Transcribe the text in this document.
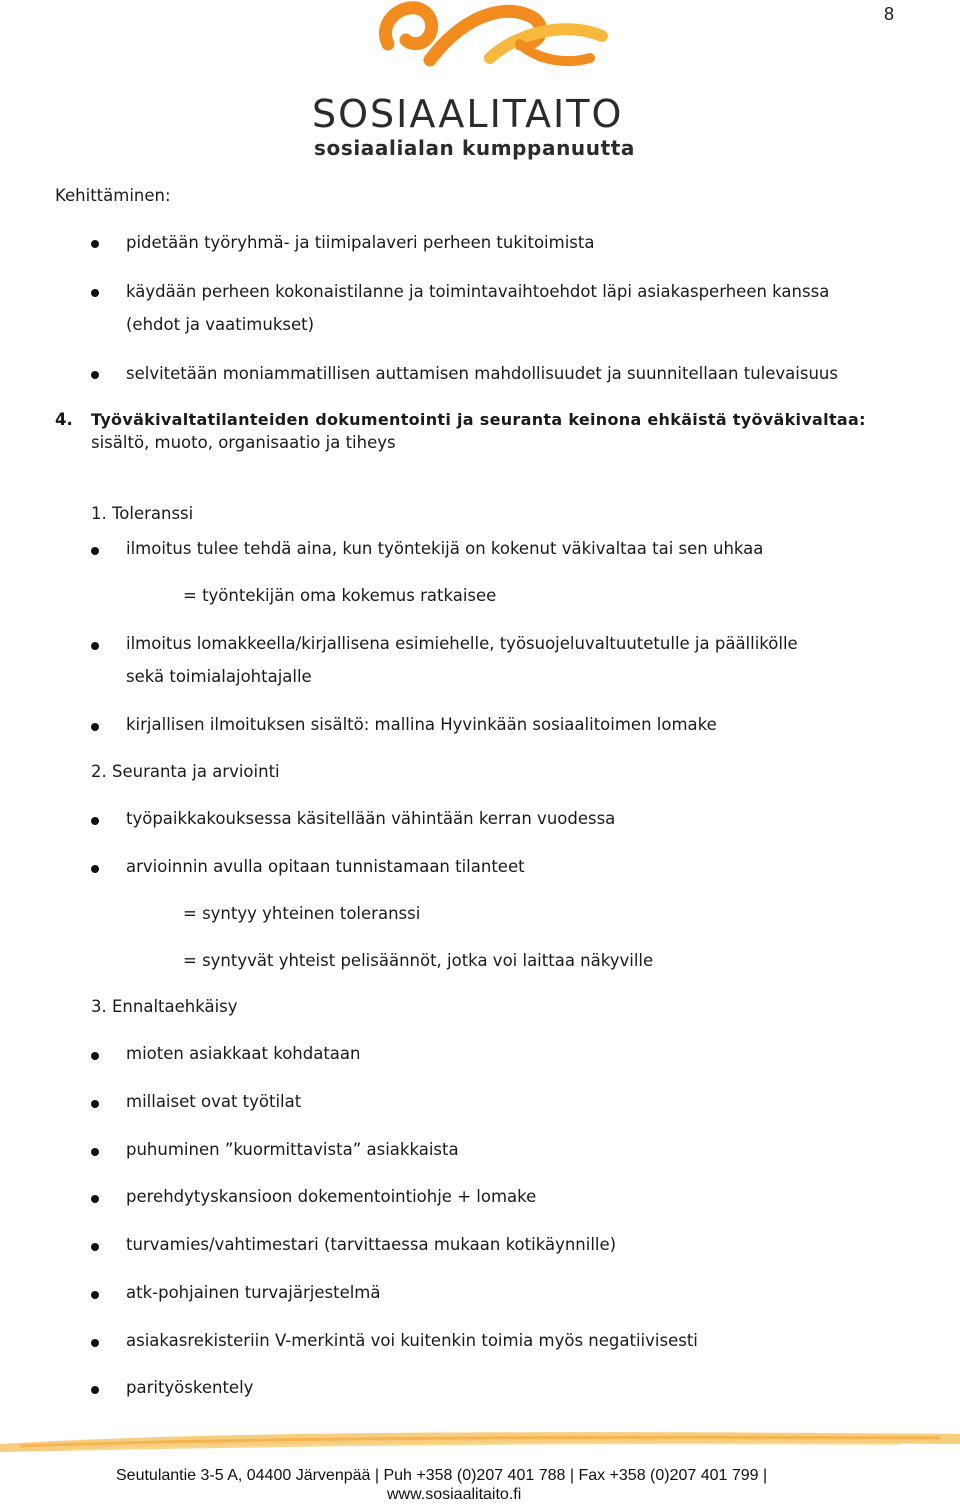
8
SOSIAALITAITO
sosiaalialan kumppanuutta
Kehittäminen:
pidetään työryhmä- ja tiimipalaveri perheen tukitoimista
käydään perheen kokonaistilanne ja toimintavaihtoehdot läpi asiakasperheen kanssa
(ehdot ja vaatimukset)
selvitetään moniammatillisen auttamisen mahdollisuudet ja suunnitellaan tulevaisuus
4. Työväkivaltatilanteiden dokumentointi ja seuranta keinona ehkäistä työväkivaltaa:
sisältö, muoto, organisaatio ja tiheys
1. Toleranssi
ilmoitus tulee tehdä aina, kun työntekijä on kokenut väkivaltaa tai sen uhkaa
= työntekijän oma kokemus ratkaisee
ilmoitus lomakkeella/kirjallisena esimiehelle, työsuojeluvaltuutetulle ja päällikölle
sekä toimialajohtajalle
kirjallisen ilmoituksen sisältö: mallina Hyvinkään sosiaalitoimen lomake
2. Seuranta ja arviointi
työpaikkakouksessa käsitellään vähintään kerran vuodessa
arvioinnin avulla opitaan tunnistamaan tilanteet
= syntyy yhteinen toleranssi
= syntyvät yhteist pelisäännöt, jotka voi laittaa näkyville
3. Ennaltaehkäisy
mioten asiakkaat kohdataan
millaiset ovat työtilat
puhuminen ”kuormittavista” asiakkaista
perehdytyskansioon dokementointiohje + lomake
turvamies/vahtimestari (tarvittaessa mukaan kotikäynnille)
atk-pohjainen turvajärjestelmä
asiakasrekisteriin V-merkintä voi kuitenkin toimia myös negatiivisesti
parityöskentely
Seutulantie 3-5 A, 04400 Järvenpää | Puh +358 (0)207 401 788 | Fax +358 (0)207 401 799 |
www.sosiaalitaito.fi
